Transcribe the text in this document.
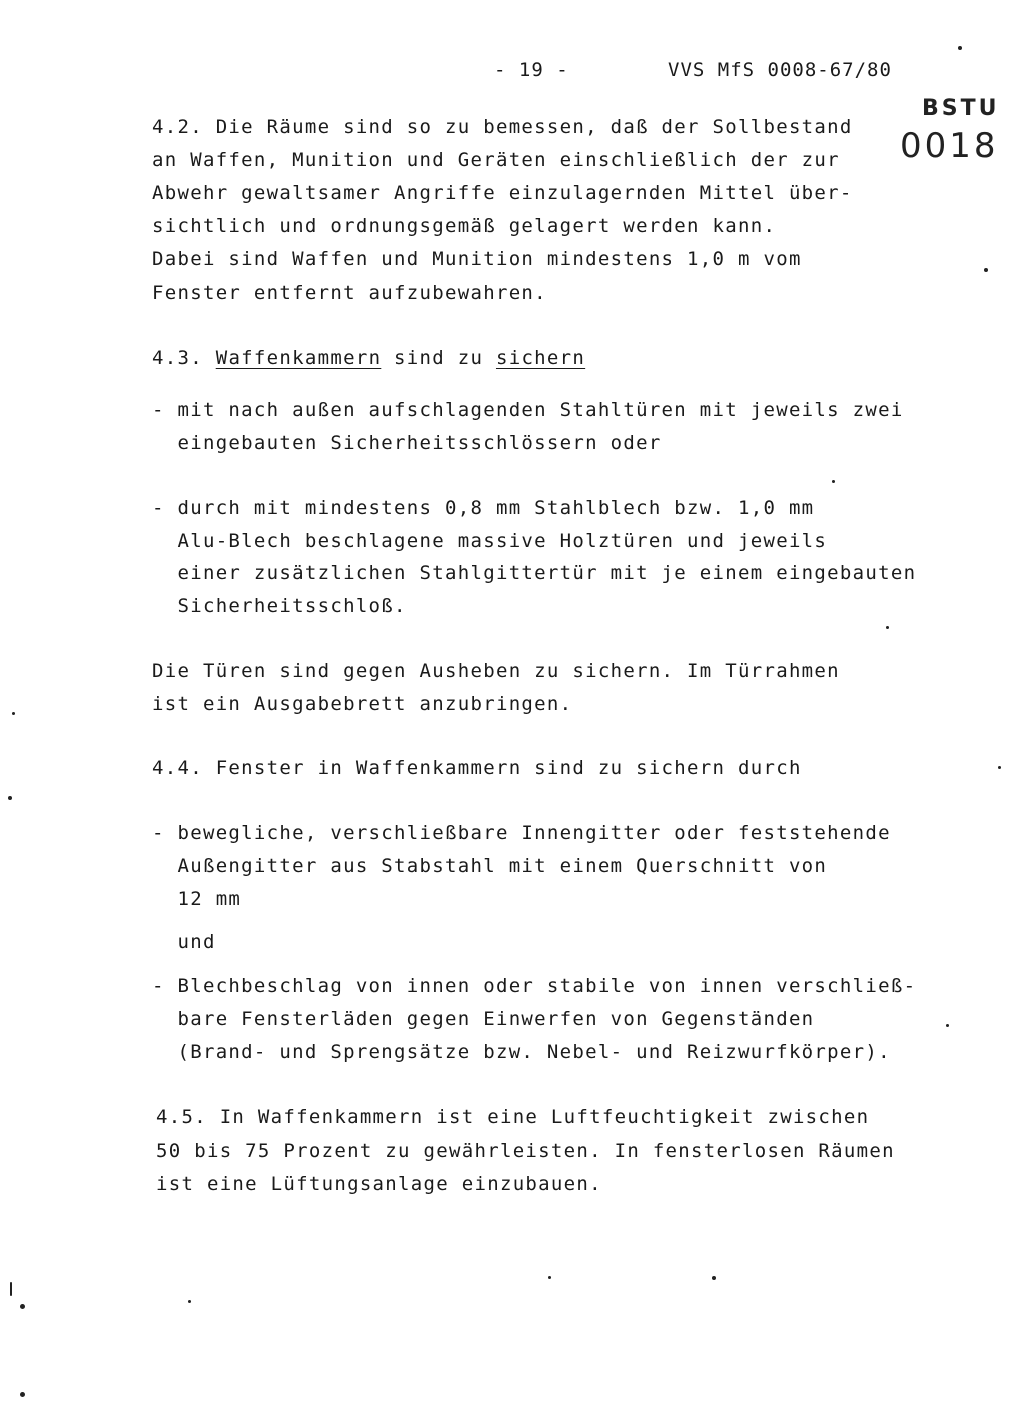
- 19 -	VVS MfS 0008-67/80
BSTU
0018
4.2. Die Räume sind so zu bemessen, daß der Sollbestand
an Waffen, Munition und Geräten einschließlich der zur
Abwehr gewaltsamer Angriffe einzulagernden Mittel über-
sichtlich und ordnungsgemäß gelagert werden kann.
Dabei sind Waffen und Munition mindestens 1,0 m vom
Fenster entfernt aufzubewahren.
4.3. Waffenkammern sind zu sichern
- mit nach außen aufschlagenden Stahltüren mit jeweils zwei
eingebauten Sicherheitsschlössern oder
- durch mit mindestens 0,8 mm Stahlblech bzw. 1,0 mm
Alu-Blech beschlagene massive Holztüren und jeweils
einer zusätzlichen Stahlgittertür mit je einem eingebauten
Sicherheitsschloß.
Die Türen sind gegen Ausheben zu sichern. Im Türrahmen
ist ein Ausgabebrett anzubringen.
4.4. Fenster in Waffenkammern sind zu sichern durch
- bewegliche, verschließbare Innengitter oder feststehende
Außengitter aus Stabstahl mit einem Querschnitt von
12 mm
und
- Blechbeschlag von innen oder stabile von innen verschließ-
bare Fensterläden gegen Einwerfen von Gegenständen
(Brand- und Sprengsätze bzw. Nebel- und Reizwurfkörper).
4.5. In Waffenkammern ist eine Luftfeuchtigkeit zwischen
50 bis 75 Prozent zu gewährleisten. In fensterlosen Räumen
ist eine Lüftungsanlage einzubauen.
